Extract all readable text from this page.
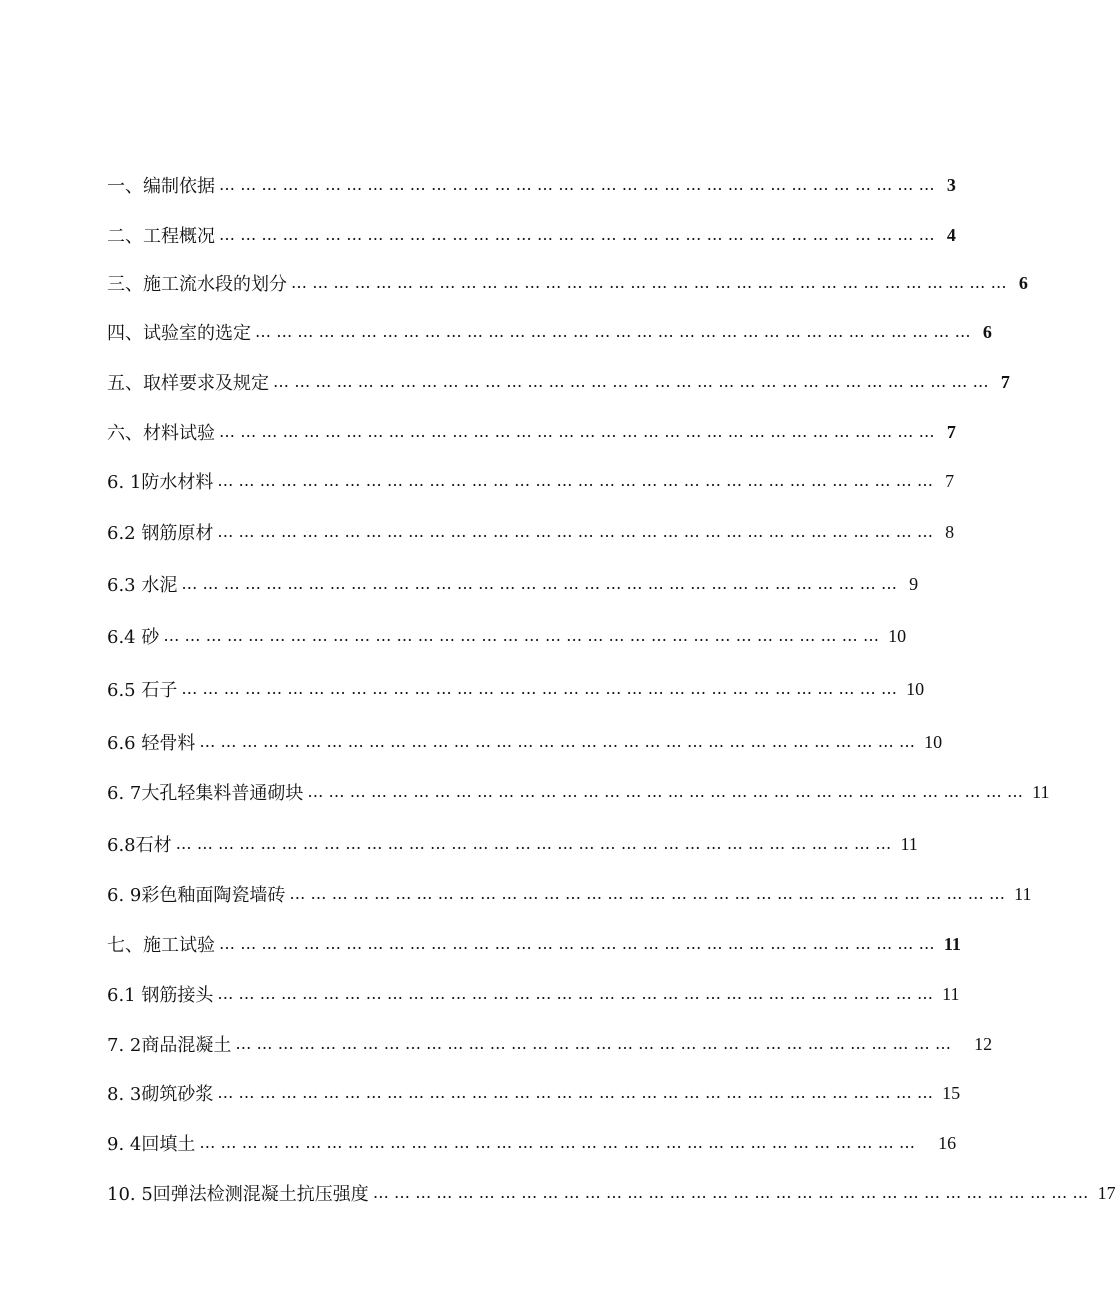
一、编制依据 ………………………………………………………………………………………… 3
二、工程概况 ………………………………………………………………………………………… 4
三、施工流水段的划分 ………………………………………………………………………………………… 6
四、试验室的选定 ………………………………………………………………………………………… 6
五、取样要求及规定 ………………………………………………………………………………………… 7
六、材料试验 ………………………………………………………………………………………… 7
6. 1防水材料 ………………………………………………………………………………………… 7
6.2 钢筋原材 ………………………………………………………………………………………… 8
6.3 水泥 ………………………………………………………………………………………… 9
6.4 砂 ………………………………………………………………………………………… 10
6.5 石子 ………………………………………………………………………………………… 10
6.6 轻骨料 ………………………………………………………………………………………… 10
6. 7大孔轻集料普通砌块 ………………………………………………………………………………………… 11
6.8石材 ………………………………………………………………………………………… 11
6. 9彩色釉面陶瓷墙砖 ………………………………………………………………………………………… 11
七、施工试验 ………………………………………………………………………………………… 11
6.1 钢筋接头 ………………………………………………………………………………………… 11
7. 2商品混凝土 ………………………………………………………………………………………… 12
8. 3砌筑砂浆 ………………………………………………………………………………………… 15
9. 4回填土 ………………………………………………………………………………………… 16
10. 5回弹法检测混凝土抗压强度 ………………………………………………………………………………………… 17
